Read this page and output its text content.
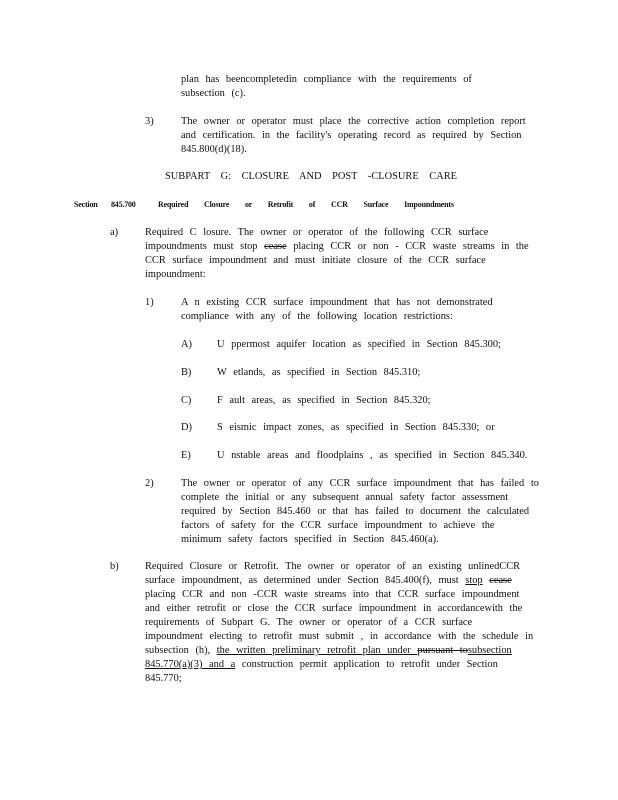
plan has beencompletedin compliance with the requirements of
subsection (c).
3)	The owner or operator must place the corrective action completion report
and certification. in the facility's operating record as required by Section
845.800(d)(18).
SUBPART G: CLOSURE AND POST -CLOSURE CARE
Section 845.700	Required Closure or Retrofit of CCR Surface Impoundments
a)	Required C losure. The owner or operator of the following CCR surface
impoundments must stop cease placing CCR or non - CCR waste streams in the
CCR surface impoundment and must initiate closure of the CCR surface
impoundment:
1)	A n existing CCR surface impoundment that has not demonstrated
compliance with any of the following location restrictions:
A) U ppermost aquifer location as specified in Section 845.300;
B) W etlands, as specified in Section 845.310;
C) F ault areas, as specified in Section 845.320;
D) S eismic impact zones, as specified in Section 845.330; or
E)	U nstable areas and floodplains , as specified in Section 845.340.
2)	The owner or operator of any CCR surface impoundment that has failed to
complete the initial or any subsequent annual safety factor assessment
required by Section 845.460 or that has failed to document the calculated
factors of safety for the CCR surface impoundment to achieve the
minimum safety factors specified in Section 845.460(a).
b)	Required Closure or Retrofit. The owner or operator of an existing unlinedCCR
surface impoundment, as determined under Section 845.400(f), must stop cease
placing CCR and non -CCR waste streams into that CCR surface impoundment
and either retrofit or close the CCR surface impoundment in accordancewith the
requirements of Subpart G. The owner or operator of a CCR surface
impoundment electing to retrofit must submit , in accordance with the schedule in
subsection (h), the written preliminary retrofit plan under pursuant tosubsection
845.770(a)(3) and a construction permit application to retrofit under Section
845.770;
